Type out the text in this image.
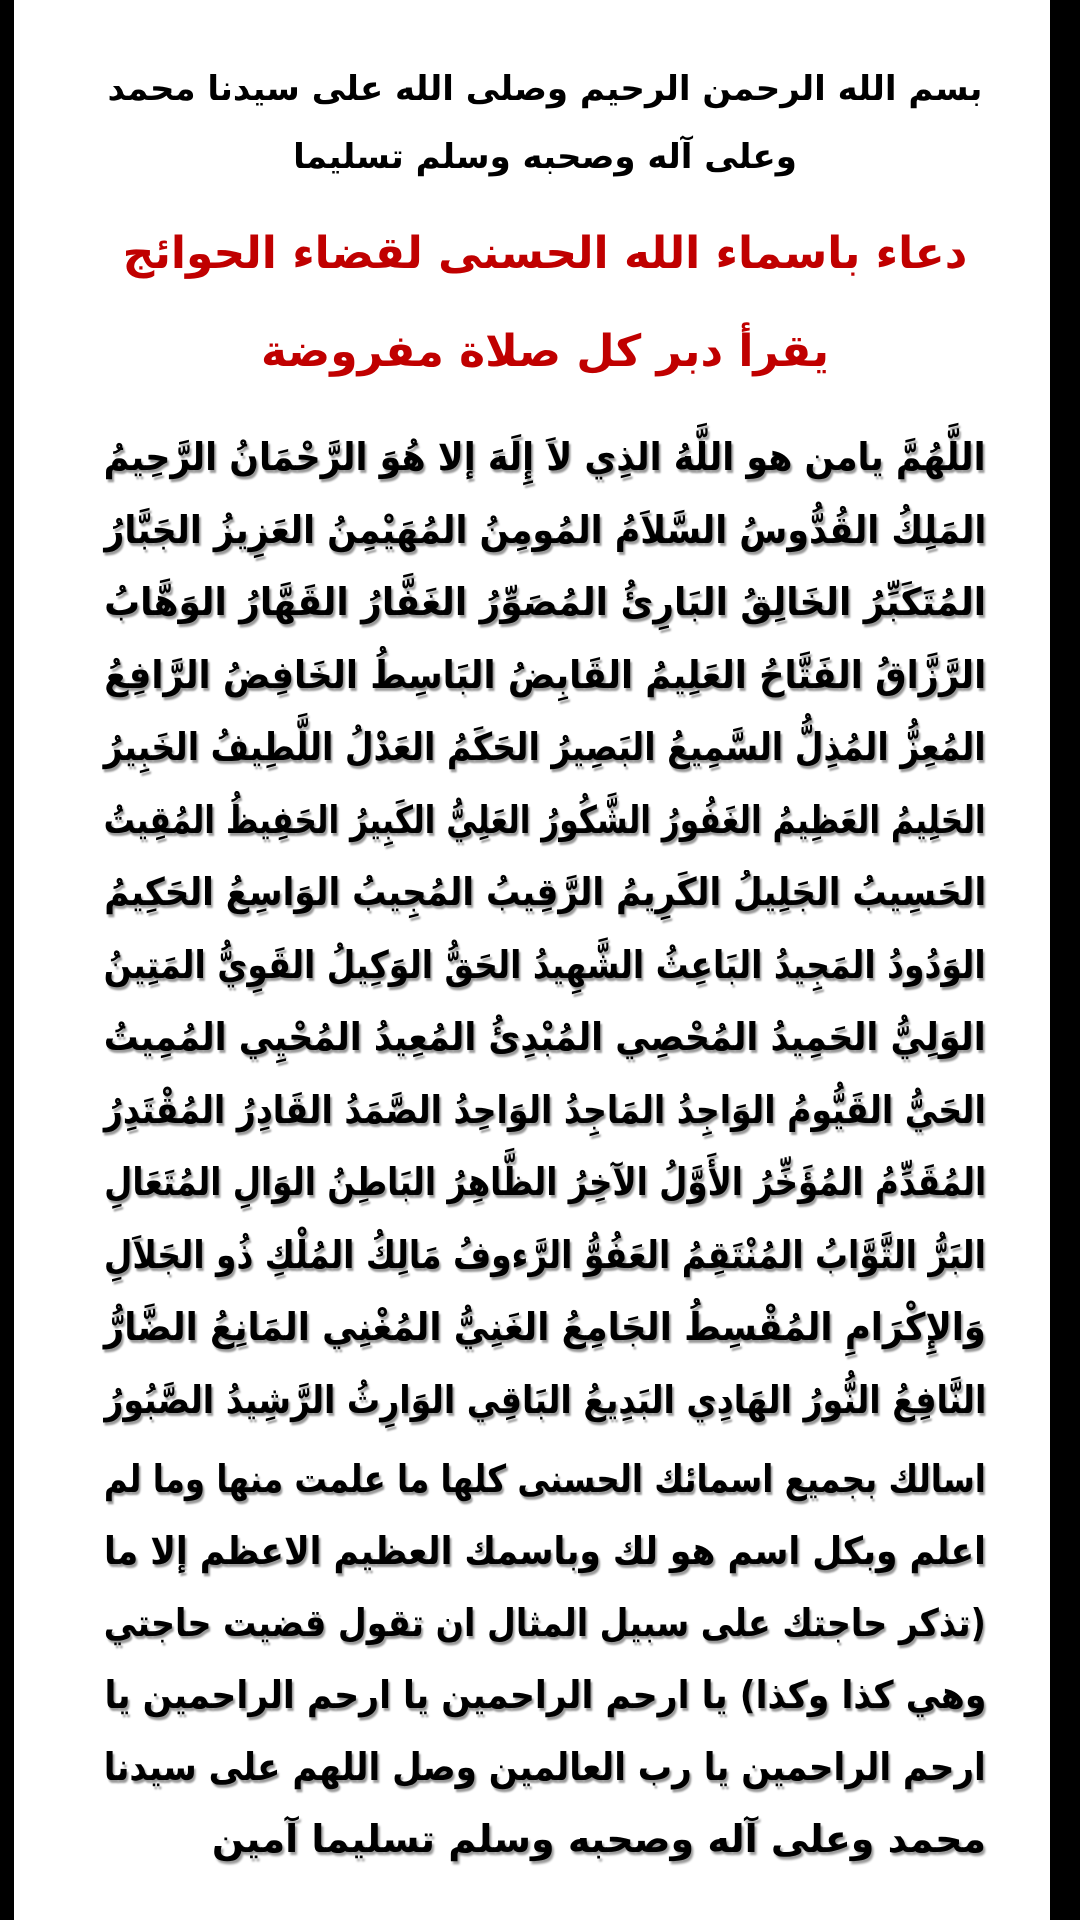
بسم الله الرحمن الرحيم وصلى الله على سيدنا محمد
وعلى آله وصحبه وسلم تسليما
دعاء باسماء الله الحسنى لقضاء الحوائج
يقرأ دبر كل صلاة مفروضة
اللَّهُمَّ يامن هو اللَّهُ الذِي لاَ إِلَهَ إلا هُوَ الرَّحْمَانُ الرَّحِيمُ
المَلِكُ القُدُّوسُ السَّلاَمُ المُومِنُ المُهَيْمِنُ العَزِيزُ الجَبَّارُ
المُتَكَبِّرُ الخَالِقُ البَارِئُ المُصَوِّرُ الغَفَّارُ القَهَّارُ الوَهَّابُ
الرَّزَّاقُ الفَتَّاحُ العَلِيمُ القَابِضُ البَاسِطُ الخَافِضُ الرَّافِعُ
المُعِزُّ المُذِلُّ السَّمِيعُ البَصِيرُ الحَكَمُ العَدْلُ اللَّطِيفُ الخَبِيرُ
الحَلِيمُ العَظِيمُ الغَفُورُ الشَّكُورُ العَلِيُّ الكَبِيرُ الحَفِيظُ المُقِيتُ
الحَسِيبُ الجَلِيلُ الكَرِيمُ الرَّقِيبُ المُجِيبُ الوَاسِعُ الحَكِيمُ
الوَدُودُ المَجِيدُ البَاعِثُ الشَّهِيدُ الحَقُّ الوَكِيلُ القَوِيُّ المَتِينُ
الوَلِيُّ الحَمِيدُ المُحْصِي المُبْدِئُ المُعِيدُ المُحْيِي المُمِيتُ
الحَيُّ القَيُّومُ الوَاجِدُ المَاجِدُ الوَاحِدُ الصَّمَدُ القَادِرُ المُقْتَدِرُ
المُقَدِّمُ المُؤَخِّرُ الأَوَّلُ الآخِرُ الظَّاهِرُ البَاطِنُ الوَالِ المُتَعَالِ
البَرُّ التَّوَّابُ المُنْتَقِمُ العَفُوُّ الرَّءوفُ مَالِكُ المُلْكِ ذُو الجَلاَلِ
وَالإِكْرَامِ المُقْسِطُ الجَامِعُ الغَنِيُّ المُغْنِي المَانِعُ الضَّارُّ
النَّافِعُ النُّورُ الهَادِي البَدِيعُ البَاقِي الوَارِثُ الرَّشِيدُ الصَّبُورُ
اسالك بجميع اسمائك الحسنى كلها ما علمت منها وما لم
اعلم وبكل اسم هو لك وباسمك العظيم الاعظم إلا ما
(تذكر حاجتك على سبيل المثال ان تقول قضيت حاجتي
وهي كذا وكذا) يا ارحم الراحمين يا ارحم الراحمين يا
ارحم الراحمين يا رب العالمين وصل اللهم على سيدنا
محمد وعلى آله وصحبه وسلم تسليما آمين
